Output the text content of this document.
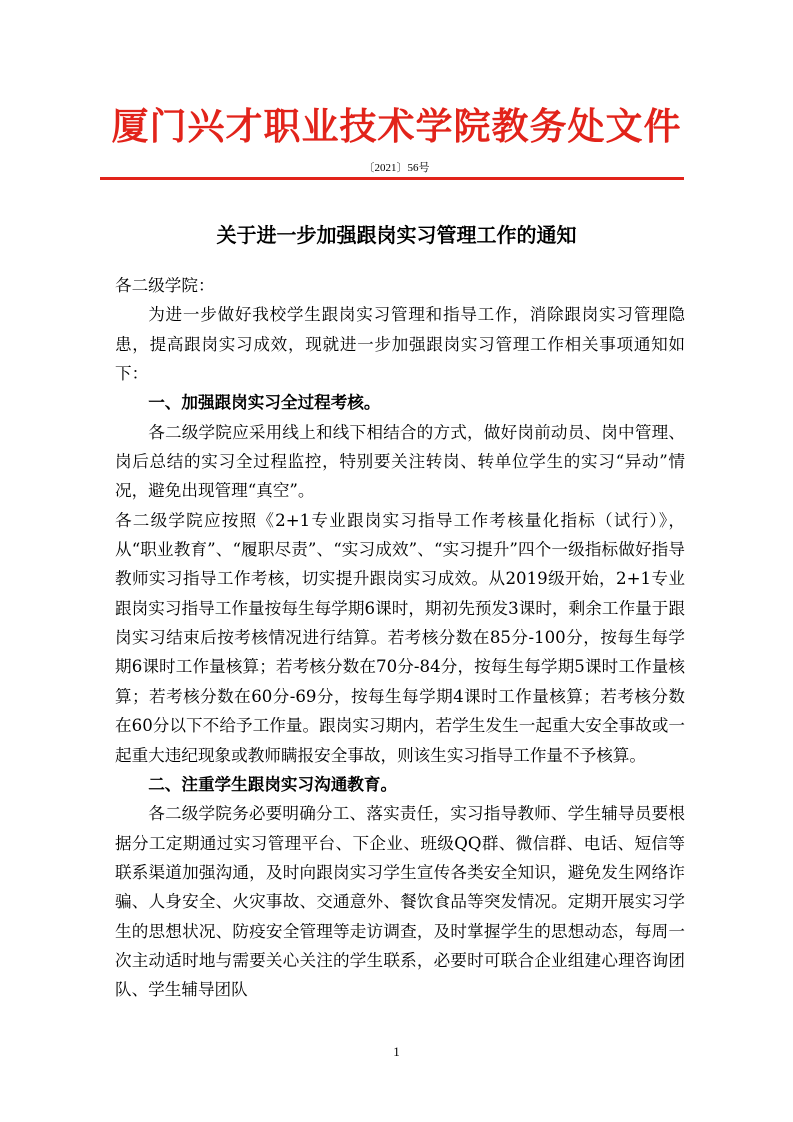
厦门兴才职业技术学院教务处文件
〔2021〕56号
关于进一步加强跟岗实习管理工作的通知

各二级学院：

为进一步做好我校学生跟岗实习管理和指导工作，消除跟岗实习管理隐患，提高跟岗实习成效，现就进一步加强跟岗实习管理工作相关事项通知如下：

一、加强跟岗实习全过程考核。

各二级学院应采用线上和线下相结合的方式，做好岗前动员、岗中管理、岗后总结的实习全过程监控，特别要关注转岗、转单位学生的实习“异动”情况，避免出现管理“真空”。

各二级学院应按照《2+1专业跟岗实习指导工作考核量化指标（试行）》，从“职业教育”、“履职尽责”、“实习成效”、“实习提升”四个一级指标做好指导教师实习指导工作考核，切实提升跟岗实习成效。从2019级开始，2+1专业跟岗实习指导工作量按每生每学期6课时，期初先预发3课时，剩余工作量于跟岗实习结束后按考核情况进行结算。若考核分数在85分-100分，按每生每学期6课时工作量核算；若考核分数在70分-84分，按每生每学期5课时工作量核算；若考核分数在60分-69分，按每生每学期4课时工作量核算；若考核分数在60分以下不给予工作量。跟岗实习期内，若学生发生一起重大安全事故或一起重大违纪现象或教师瞒报安全事故，则该生实习指导工作量不予核算。

二、注重学生跟岗实习沟通教育。

各二级学院务必要明确分工、落实责任，实习指导教师、学生辅导员要根据分工定期通过实习管理平台、下企业、班级QQ群、微信群、电话、短信等联系渠道加强沟通，及时向跟岗实习学生宣传各类安全知识，避免发生网络诈骗、人身安全、火灾事故、交通意外、餐饮食品等突发情况。定期开展实习学生的思想状况、防疫安全管理等走访调查，及时掌握学生的思想动态，每周一次主动适时地与需要关心关注的学生联系，必要时可联合企业组建心理咨询团队、学生辅导团队

1
